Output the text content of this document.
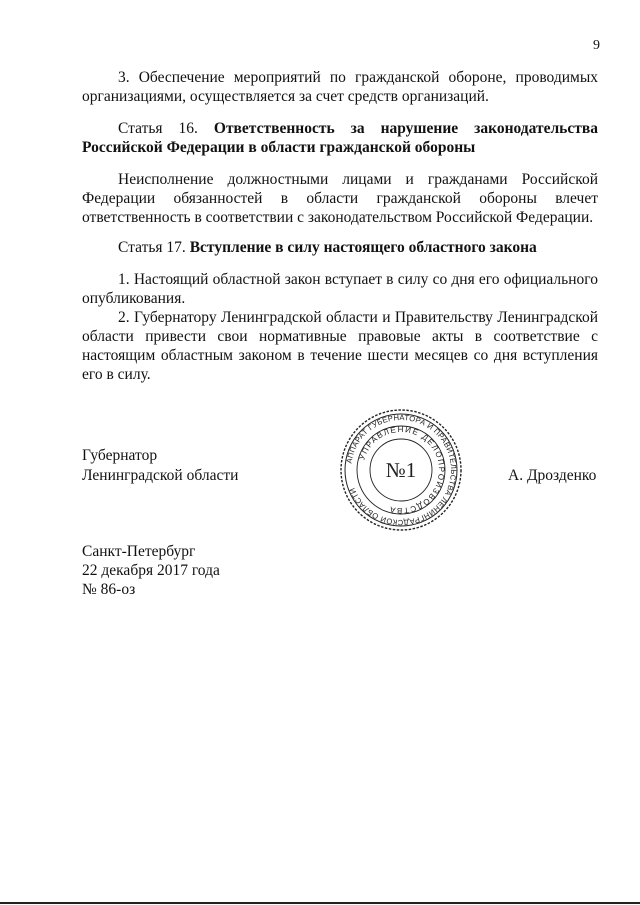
9

3. Обеспечение мероприятий по гражданской обороне, проводимых организациями, осуществляется за счет средств организаций.

Статья 16. Ответственность за нарушение законодательства Российской Федерации в области гражданской обороны

Неисполнение должностными лицами и гражданами Российской Федерации обязанностей в области гражданской обороны влечет ответственность в соответствии с законодательством Российской Федерации.

Статья 17. Вступление в силу настоящего областного закона

1. Настоящий областной закон вступает в силу со дня его официального опубликования.

2. Губернатору Ленинградской области и Правительству Ленинградской области привести свои нормативные правовые акты в соответствие с настоящим областным законом в течение шести месяцев со дня вступления его в силу.

Губернатор
Ленинградской области
АППАРАТ ГУБЕРНАТОРА И ПРАВИТЕЛЬСТВА ЛЕНИНГРАДСКОЙ ОБЛАСТИ
УПРАВЛЕНИЕ ДЕЛОПРОИЗВОДСТВА
№1	А. Дрозденко
Санкт-Петербург
22 декабря 2017 года
№ 86-оз
